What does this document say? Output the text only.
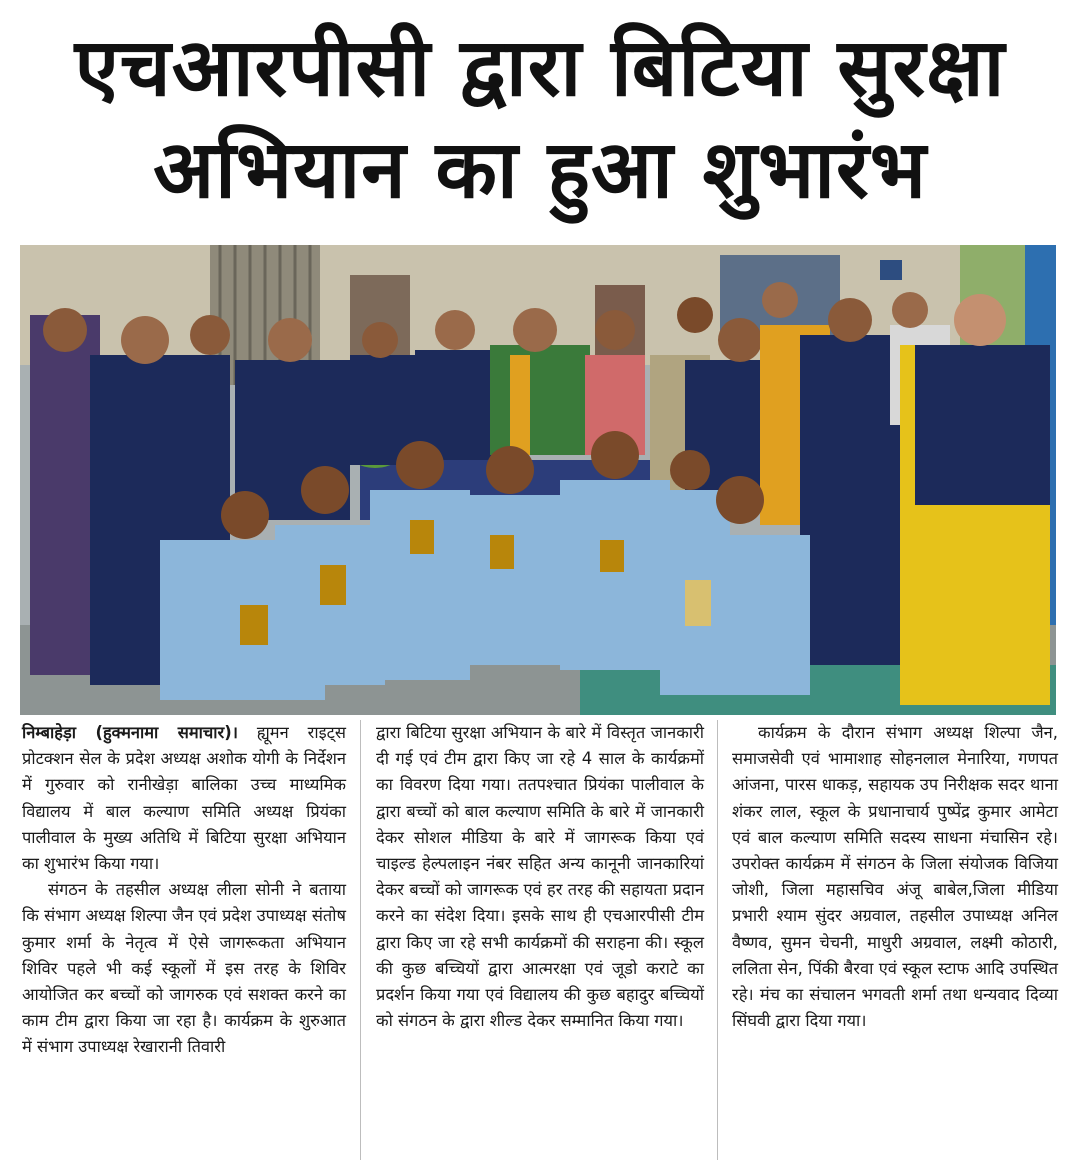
एचआरपीसी द्वारा बिटिया सुरक्षा
अभियान का हुआ शुभारंभ

निम्बाहेड़ा (हुक्मनामा समाचार)। ह्यूमन राइट्स प्रोटक्शन सेल के प्रदेश अध्यक्ष अशोक योगी के निर्देशन में गुरुवार को रानीखेड़ा बालिका उच्च माध्यमिक विद्यालय में बाल कल्याण समिति अध्यक्ष प्रियंका पालीवाल के मुख्य अतिथि में बिटिया सुरक्षा अभियान का शुभारंभ किया गया।

संगठन के तहसील अध्यक्ष लीला सोनी ने बताया कि संभाग अध्यक्ष शिल्पा जैन एवं प्रदेश उपाध्यक्ष संतोष कुमार शर्मा के नेतृत्व में ऐसे जागरूकता अभियान शिविर पहले भी कई स्कूलों में इस तरह के शिविर आयोजित कर बच्चों को जागरुक एवं सशक्त करने का काम टीम द्वारा किया जा रहा है। कार्यक्रम के शुरुआत में संभाग उपाध्यक्ष रेखारानी तिवारी

द्वारा बिटिया सुरक्षा अभियान के बारे में विस्तृत जानकारी दी गई एवं टीम द्वारा किए जा रहे 4 साल के कार्यक्रमों का विवरण दिया गया। ततपश्चात प्रियंका पालीवाल के द्वारा बच्चों को बाल कल्याण समिति के बारे में जानकारी देकर सोशल मीडिया के बारे में जागरूक किया एवं चाइल्ड हेल्पलाइन नंबर सहित अन्य कानूनी जानकारियां देकर बच्चों को जागरूक एवं हर तरह की सहायता प्रदान करने का संदेश दिया। इसके साथ ही एचआरपीसी टीम द्वारा किए जा रहे सभी कार्यक्रमों की सराहना की। स्कूल की कुछ बच्चियों द्वारा आत्मरक्षा एवं जूडो कराटे का प्रदर्शन किया गया एवं विद्यालय की कुछ बहादुर बच्चियों को संगठन के द्वारा शील्ड देकर सम्मानित किया गया।

कार्यक्रम के दौरान संभाग अध्यक्ष शिल्पा जैन, समाजसेवी एवं भामाशाह सोहनलाल मेनारिया, गणपत आंजना, पारस धाकड़, सहायक उप निरीक्षक सदर थाना शंकर लाल, स्कूल के प्रधानाचार्य पुष्पेंद्र कुमार आमेटा एवं बाल कल्याण समिति सदस्य साधना मंचासिन रहे। उपरोक्त कार्यक्रम में संगठन के जिला संयोजक विजिया जोशी, जिला महासचिव अंजू बाबेल,जिला मीडिया प्रभारी श्याम सुंदर अग्रवाल, तहसील उपाध्यक्ष अनिल वैष्णव, सुमन चेचनी, माधुरी अग्रवाल, लक्ष्मी कोठारी, ललिता सेन, पिंकी बैरवा एवं स्कूल स्टाफ आदि उपस्थित रहे। मंच का संचालन भगवती शर्मा तथा धन्यवाद दिव्या सिंघवी द्वारा दिया गया।
